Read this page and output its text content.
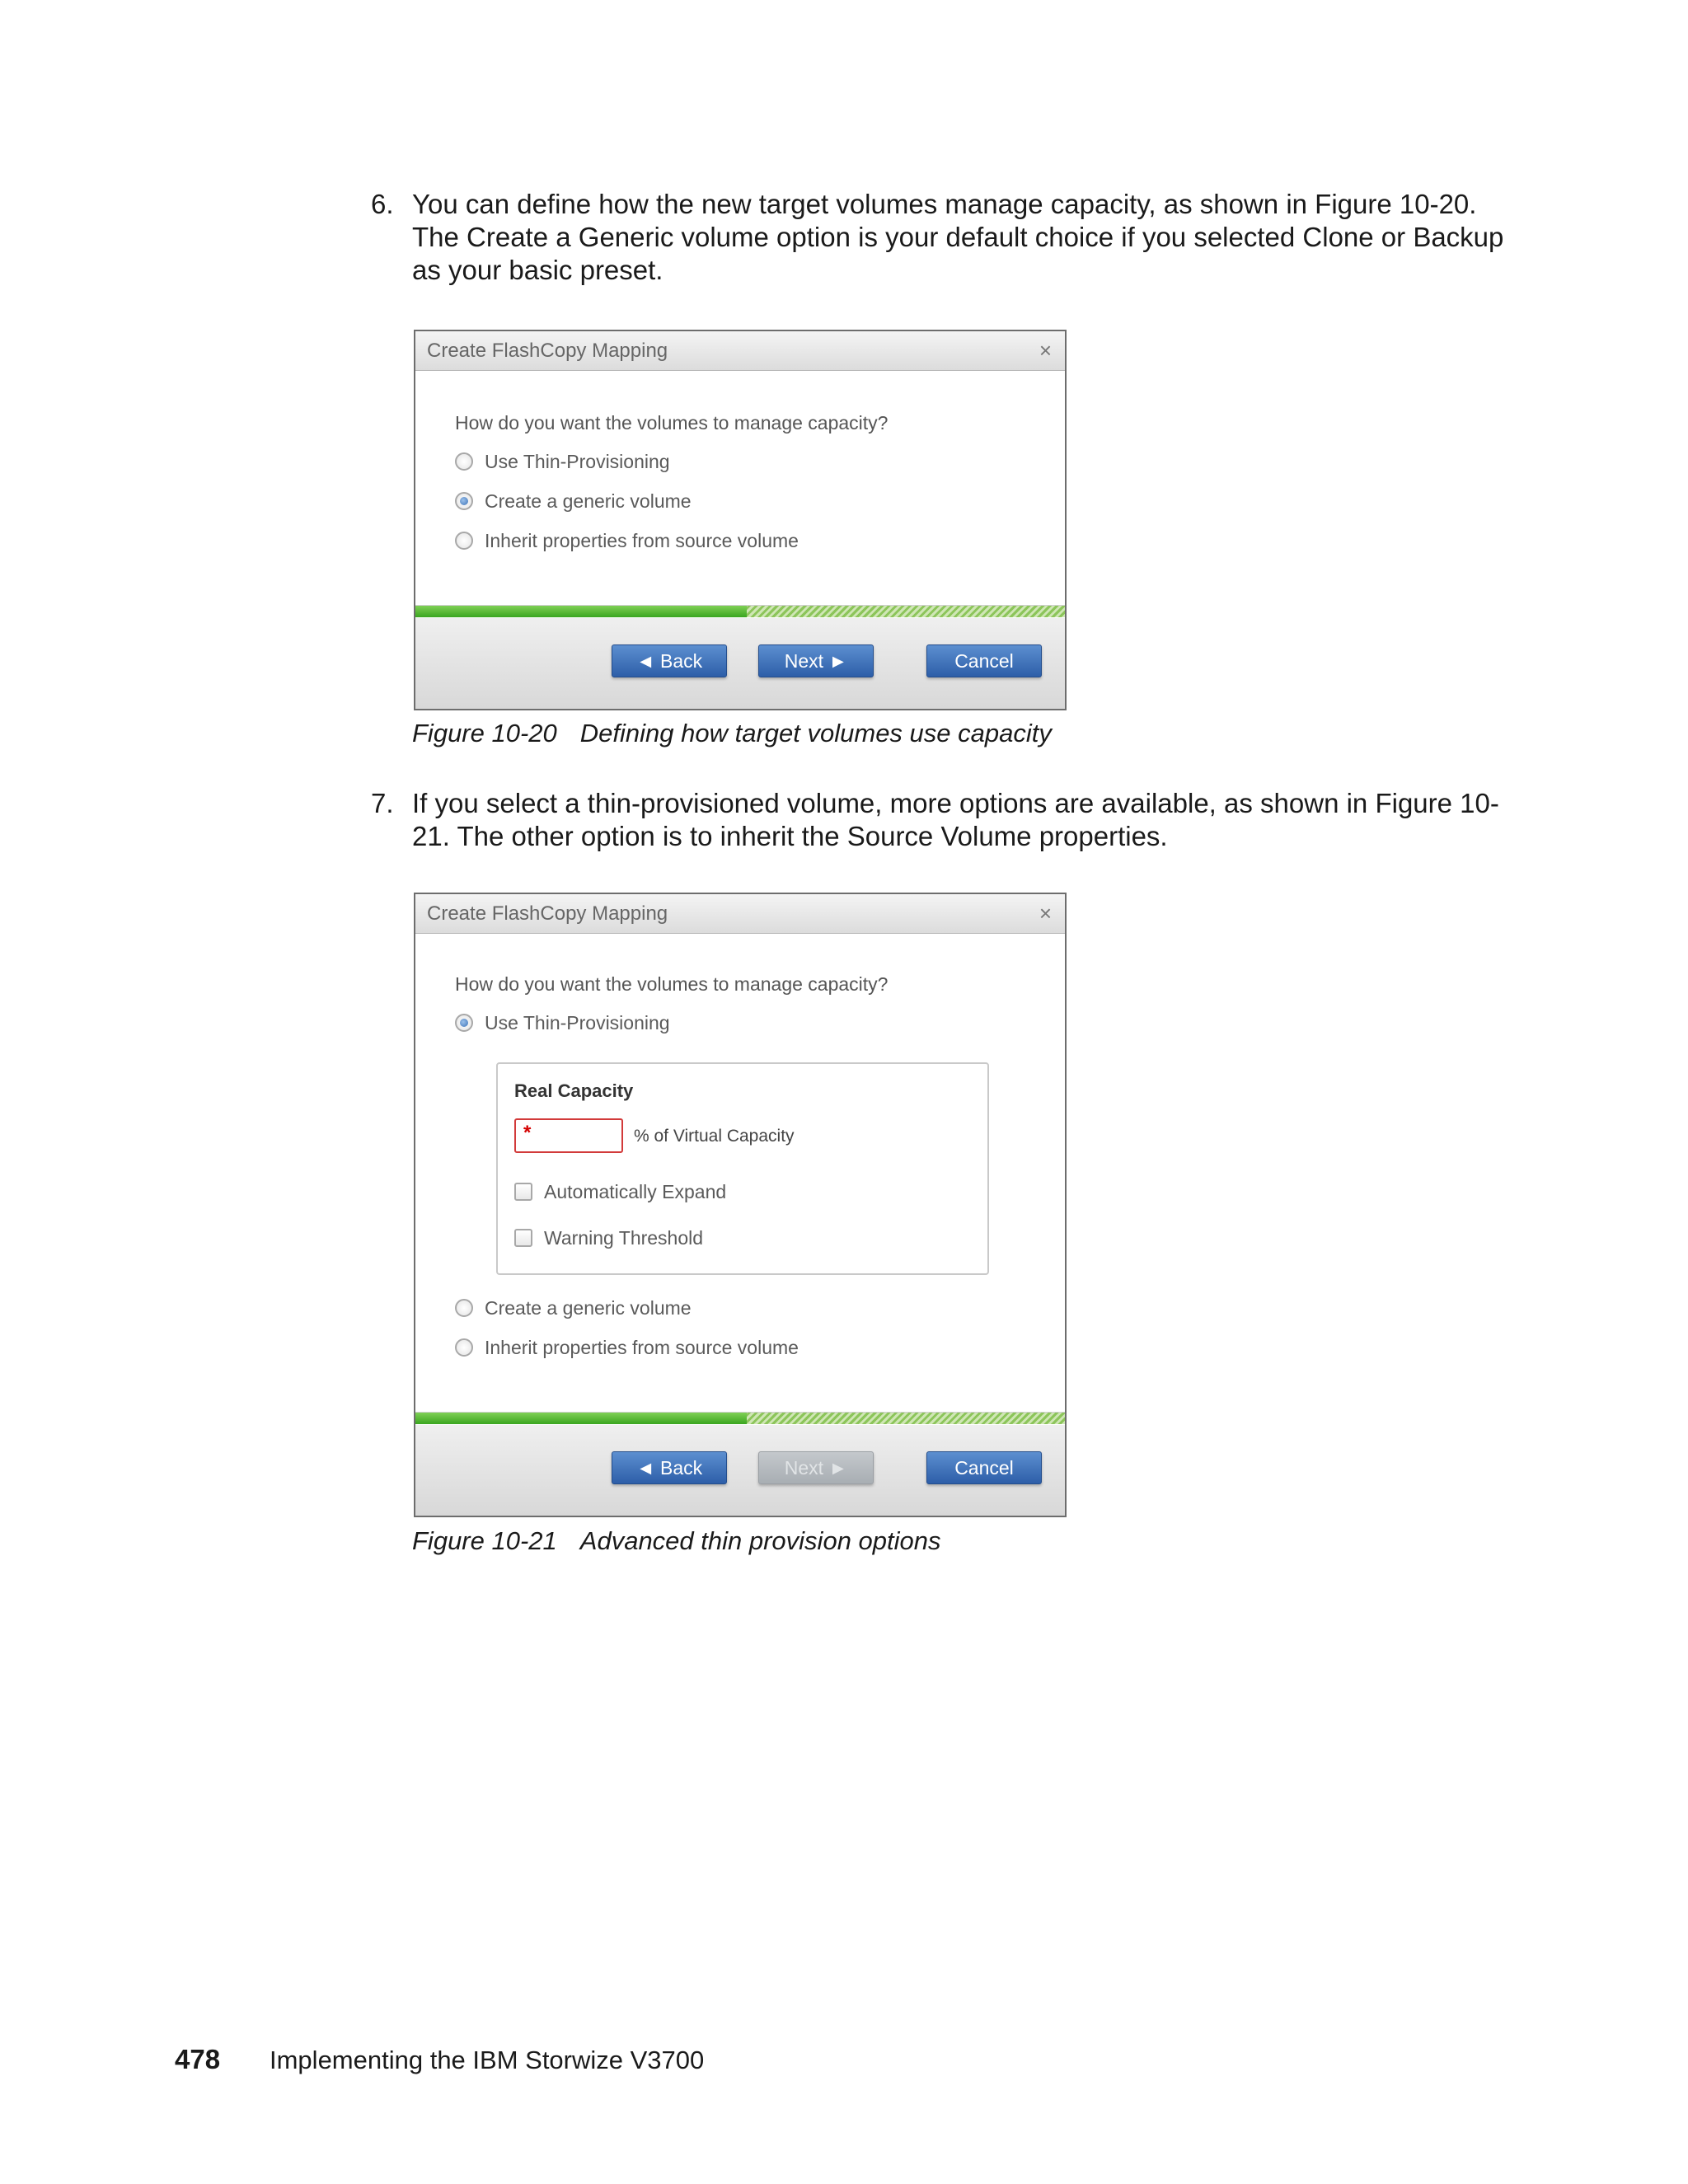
6. You can define how the new target volumes manage capacity, as shown in Figure 10-20. The Create a Generic volume option is your default choice if you selected Clone or Backup as your basic preset.
Create FlashCopy Mapping	×
How do you want the volumes to manage capacity?
Use Thin-Provisioning
Create a generic volume
Inherit properties from source volume
◄ Back	Next ►	Cancel
Figure 10-20 Defining how target volumes use capacity
7. If you select a thin-provisioned volume, more options are available, as shown in Figure 10-21. The other option is to inherit the Source Volume properties.
Create FlashCopy Mapping	×
How do you want the volumes to manage capacity?
Use Thin-Provisioning
Real Capacity
*	% of Virtual Capacity
Automatically Expand
Warning Threshold
Create a generic volume
Inherit properties from source volume
◄ Back	Next ►	Cancel
Figure 10-21 Advanced thin provision options
478 Implementing the IBM Storwize V3700
